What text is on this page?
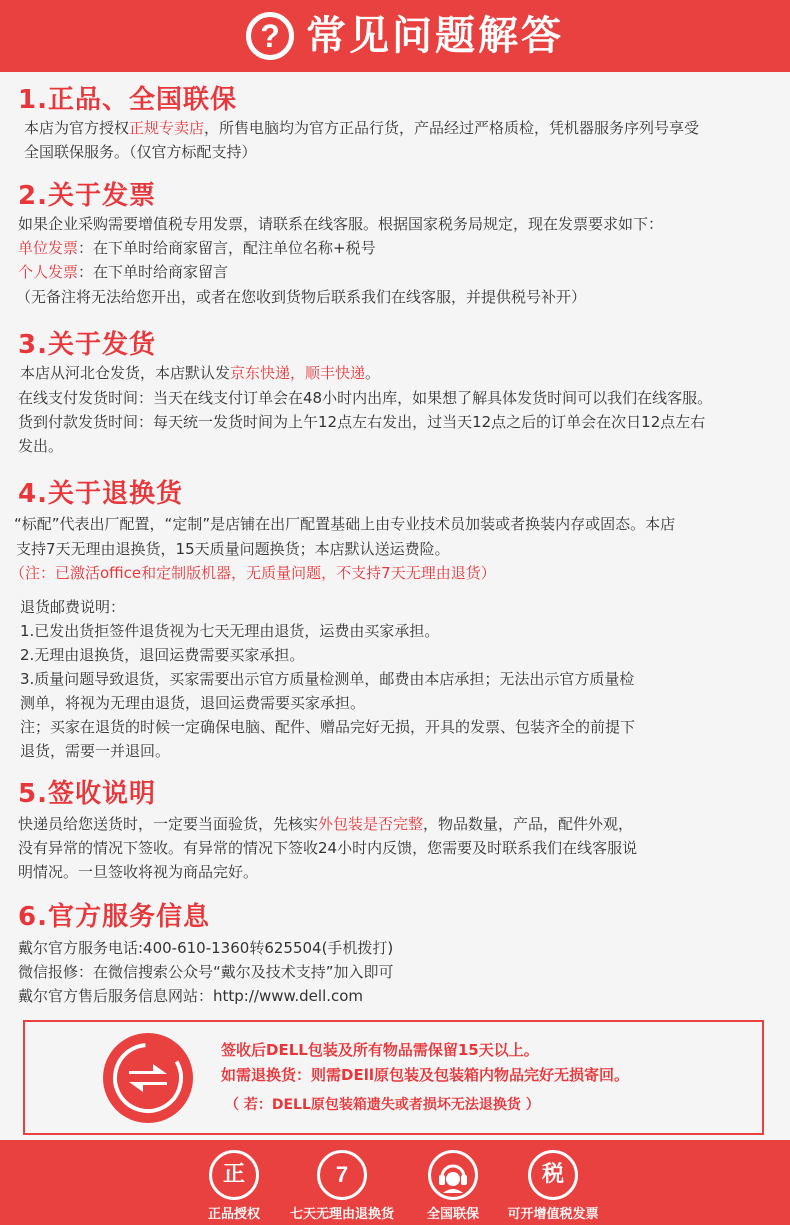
? 常见问题解答
1.正品、全国联保
本店为官方授权正规专卖店，所售电脑均为官方正品行货，产品经过严格质检，凭机器服务序列号享受
全国联保服务。（仅官方标配支持）
2.关于发票
如果企业采购需要增值税专用发票，请联系在线客服。根据国家税务局规定，现在发票要求如下：
单位发票：在下单时给商家留言，配注单位名称+税号
个人发票：在下单时给商家留言
（无备注将无法给您开出，或者在您收到货物后联系我们在线客服，并提供税号补开）
3.关于发货
本店从河北仓发货，本店默认发京东快递，顺丰快递。
在线支付发货时间：当天在线支付订单会在48小时内出库，如果想了解具体发货时间可以我们在线客服。
货到付款发货时间：每天统一发货时间为上午12点左右发出，过当天12点之后的订单会在次日12点左右
发出。
4.关于退换货
“标配”代表出厂配置，“定制”是店铺在出厂配置基础上由专业技术员加装或者换装内存或固态。本店
支持7天无理由退换货，15天质量问题换货；本店默认送运费险。
（注：已激活office和定制版机器，无质量问题，不支持7天无理由退货）
退货邮费说明：
1.已发出货拒签件退货视为七天无理由退货，运费由买家承担。
2.无理由退换货，退回运费需要买家承担。
3.质量问题导致退货，买家需要出示官方质量检测单，邮费由本店承担；无法出示官方质量检
测单，将视为无理由退货，退回运费需要买家承担。
注；买家在退货的时候一定确保电脑、配件、赠品完好无损，开具的发票、包装齐全的前提下
退货，需要一并退回。
5.签收说明
快递员给您送货时，一定要当面验货，先核实外包装是否完整，物品数量，产品，配件外观，
没有异常的情况下签收。有异常的情况下签收24小时内反馈，您需要及时联系我们在线客服说
明情况。一旦签收将视为商品完好。
6.官方服务信息
戴尔官方服务电话:400-610-1360转625504(手机拨打)
微信报修：在微信搜索公众号“戴尔及技术支持”加入即可
戴尔官方售后服务信息网站：http://www.dell.com
签收后DELL包装及所有物品需保留15天以上。
如需退换货：则需DEll原包装及包装箱内物品完好无损寄回。
（ 若：DELL原包装箱遗失或者损坏无法退换货 ）
正
正品授权
7
七天无理由退换货	全国联保
税
可开增值税发票
